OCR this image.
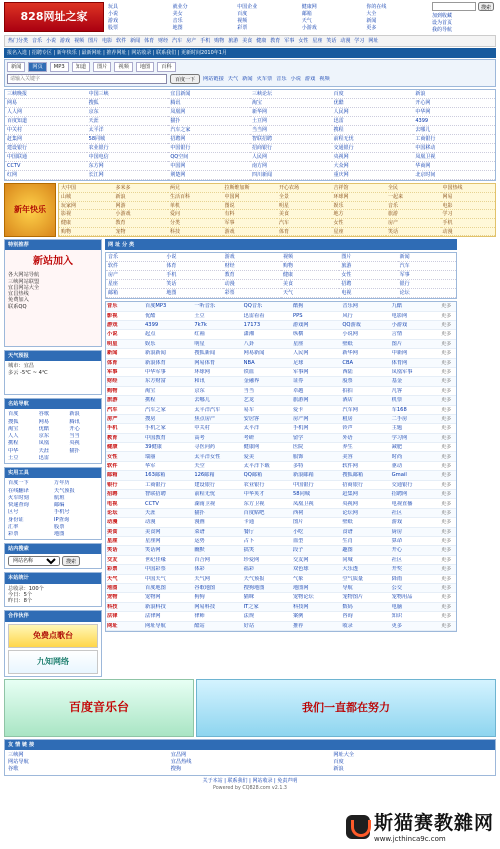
828网址之家
玩具	就业分	中国企业	健康网	你的在线
小说	美女	百度	邮箱	大全
游戏	音乐	视频	天气	新闻
股票	地图	彩票	小游戏	更多
搜索
加到收藏
设为首页
我的导航
热门分类 音乐 小说 游戏 视频 图片 电影 软件 新闻 体育 财经 汽车 房产 手机 购物 旅游 美食 健康 教育 军事 女性 星座 笑话 动漫 学习 网址
报名入选 | 招聘专区 | 新年快乐 | 最新网址 | 推荐网址 | 网站收录 | 联系我们 | 更新时间2010年1月
新闻	网页	MP3	知道	图片	视频	地图	百科
请输入关键字
百度一下	网站链接 天气 新闻 火车票 音乐 小说 游戏 视频
三峡晚报	中国三峡	宜昌新闻	三峡论坛	百度	新浪
网易	搜狐	腾讯	淘宝	优酷	开心网
人人网	京东	凤凰网	新华网	人民网	中华网
百度知道	天涯	猫扑	土豆网	迅雷	4399
中关村	太平洋	汽车之家	当当网	携程	去哪儿
赶集网	58同城	招聘网	智联招聘	前程无忧	工商银行
建设银行	农业银行	中国银行	招商银行	交通银行	中国移动
中国联通	中国电信	QQ空间	人民网	央视网	凤凰卫视
CCTV	东方网	中国网	南方网	大众网	华商网
红网	长江网	荆楚网	四川新闻	重庆网	北京时间
新年快乐
大中国	多米多	两兄	拉斯维加斯	开心农场	吉祥馆	全民	中国热线
山城	新浪	生活百科	中国网	全景	环球网	一起来	网易
玩家网	网游	单机	图说	明星	娱乐	音乐	电影
影视	小游戏	爱问	有料	美食	地方	旅游	学习
健康	教育	分类	军事	汽车	女性	房产	手机
购物	宠物	科技	游戏	体育	星座	笑话	动漫
特别推荐
新站加入
各大网站导航
三峡网站联盟
宜昌网站大全
宜昌热线
免费加入
联系QQ
天气预报
城市：宜昌
多云 -5℃ ~ 4℃
名站导航
百度	谷歌	新浪
搜狐	网易	腾讯
淘宝	优酷	开心
人人	京东	当当
携程	凤凰	央视
中华	天涯	猫扑
土豆	迅雷
实用工具
百度一下	万年历
在线翻译	天气预报
火车时刻	航班
快递查询	邮编
区号	手机号
身份证	IP查询
汇率	股票
彩票	地图
站内搜索
网站名称
搜索
本站统计
总收录：100个
今日：5个
昨日：8个
合作伙伴
免费点歌台
九知网络
网 址 分 类
音乐	小说	游戏	视频	图片	新闻
软件	体育	财经	购物	旅游	汽车
房产	手机	教育	健康	女性	军事
星座	笑话	动漫	美食	招聘	银行
邮箱	地图	彩票	天气	电视	论坛
音乐	百度MP3	一听音乐	QQ音乐	酷狗	音乐网	九酷	更多
影视	优酷	土豆	迅雷看看	PPS	风行	电影网	更多
游戏	4399	7k7k	17173	游戏网	QQ游戏	小游戏	更多
小说	起点	红袖	潇湘	纵横	小说网	言情	更多
明星	娱乐	明星	八卦	星座	壁纸	图片	更多
新闻	新浪新闻	搜狐新闻	网易新闻	人民网	新华网	中新网	更多
体育	新浪体育	网易体育	NBA	足球	CBA	体育网	更多
军事	中华军事	环球网	铁血	军事网	西陆	凤凰军事	更多
财经	东方财富	和讯	金融界	证券	股票	基金	更多
购物	淘宝	京东	当当	卓越	拍拍	凡客	更多
旅游	携程	去哪儿	艺龙	旅游网	酒店	机票	更多
汽车	汽车之家	太平洋汽车	易车	爱卡	汽车网	车168	更多
房产	搜房	焦点房产	安居客	房产网	租房	二手房	更多
手机	手机之家	中关村	太平洋	手机网	铃声	主题	更多
教育	中国教育	高考	考研	留学	外语	学习网	更多
健康	39健康	寻医问药	健康网	医院	养生	减肥	更多
女性	瑞丽	太平洋女性	爱美	服饰	美容	时尚	更多
软件	华军	天空	太平洋下载	多特	软件网	驱动	更多
邮箱	163邮箱	126邮箱	QQ邮箱	新浪邮箱	搜狐邮箱	Gmail	更多
银行	工商银行	建设银行	农业银行	中国银行	招商银行	交通银行	更多
招聘	智联招聘	前程无忧	中华英才	58同城	赶集网	招聘网	更多
电视	CCTV	湖南卫视	东方卫视	凤凰卫视	央视网	电视直播	更多
论坛	天涯	猫扑	百度贴吧	西祠	论坛网	社区	更多
动漫	动漫	漫画	卡通	图片	壁纸	游戏	更多
美食	美食网	菜谱	餐厅	小吃	食谱	厨房	更多
星座	星座网	运势	占卜	血型	生肖	算命	更多
笑话	笑话网	幽默	搞笑	段子	趣图	开心	更多
交友	世纪佳缘	百合网	珍爱网	交友网	同城	社区	更多
彩票	中国彩票	体彩	福彩	双色球	大乐透	开奖	更多
天气	中国天气	天气网	天气预报	气象	空气质量	降雨	更多
地图	百度地图	谷歌地图	搜狗地图	地图网	导航	公交	更多
宠物	宠物网	狗狗	猫咪	宠物论坛	宠物图片	宠物用品	更多
科技	新浪科技	网易科技	IT之家	科技网	数码	电脑	更多
法律	法律网	律师	法规	案例	咨询	知识	更多
网址	网址导航	酷站	好站	推荐	收录	更多	更多
百度音乐台	我们一直都在努力
友 情 链 接
三峡网	宜昌网	网址大全
网站导航	宜昌热线	百度
谷歌	搜狗	新浪
关于本站 | 联系我们 | 网站收录 | 免责声明
Powered by CQ828.com v2.1.3
斯猫赛教雜网
www.jcthinca9c.com
